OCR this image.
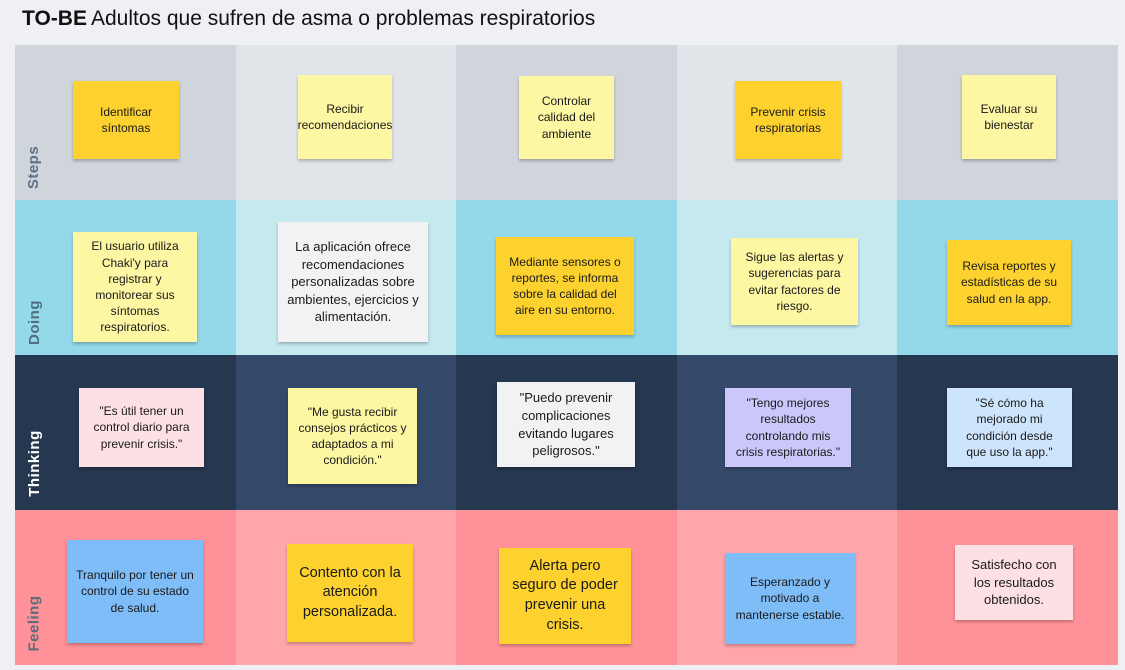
TO-BE Adultos que sufren de asma o problemas respiratorios
Steps
Identificar síntomas
Recibir recomendaciones
Controlar calidad del ambiente
Prevenir crisis respiratorias
Evaluar su bienestar
Doing
El usuario utiliza Chaki'y para registrar y monitorear sus síntomas respiratorios.
La aplicación ofrece recomendaciones personalizadas sobre ambientes, ejercicios y alimentación.
Mediante sensores o reportes, se informa sobre la calidad del aire en su entorno.
Sigue las alertas y sugerencias para evitar factores de riesgo.
Revisa reportes y estadísticas de su salud en la app.
Thinking
"Es útil tener un control diario para prevenir crisis."
"Me gusta recibir consejos prácticos y adaptados a mi condición."
"Puedo prevenir complicaciones evitando lugares peligrosos."
"Tengo mejores resultados controlando mis crisis respiratorias."
"Sé cómo ha mejorado mi condición desde que uso la app."
Feeling
Tranquilo por tener un control de su estado de salud.
Contento con la atención personalizada.
Alerta pero seguro de poder prevenir una crisis.
Esperanzado y motivado a mantenerse estable.
Satisfecho con los resultados obtenidos.
